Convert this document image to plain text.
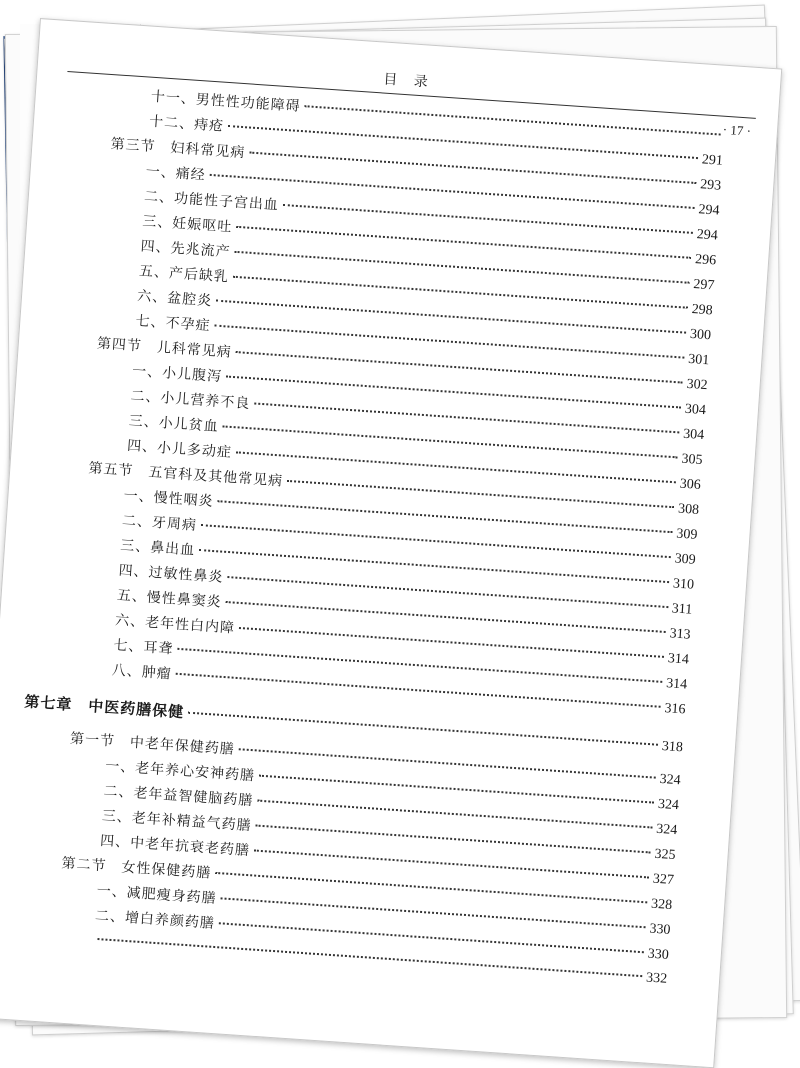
目 录
· 17 ·
十一、男性性功能障碍
十二、痔疮
291
第三节　妇科常见病
293
一、痛经
294
二、功能性子宫出血
294
三、妊娠呕吐
296
四、先兆流产
297
五、产后缺乳
298
六、盆腔炎
300
七、不孕症
301
第四节　儿科常见病
302
一、小儿腹泻
304
二、小儿营养不良
304
三、小儿贫血
305
四、小儿多动症
306
第五节　五官科及其他常见病
308
一、慢性咽炎
309
二、牙周病
309
三、鼻出血
310
四、过敏性鼻炎
311
五、慢性鼻窦炎
313
六、老年性白内障
314
七、耳聋
314
八、肿瘤
316
第七章　中医药膳保健
318
第一节　中老年保健药膳
324
一、老年养心安神药膳
324
二、老年益智健脑药膳
324
三、老年补精益气药膳
325
四、中老年抗衰老药膳
327
第二节　女性保健药膳
328
一、减肥瘦身药膳
330
二、增白养颜药膳
330
332
